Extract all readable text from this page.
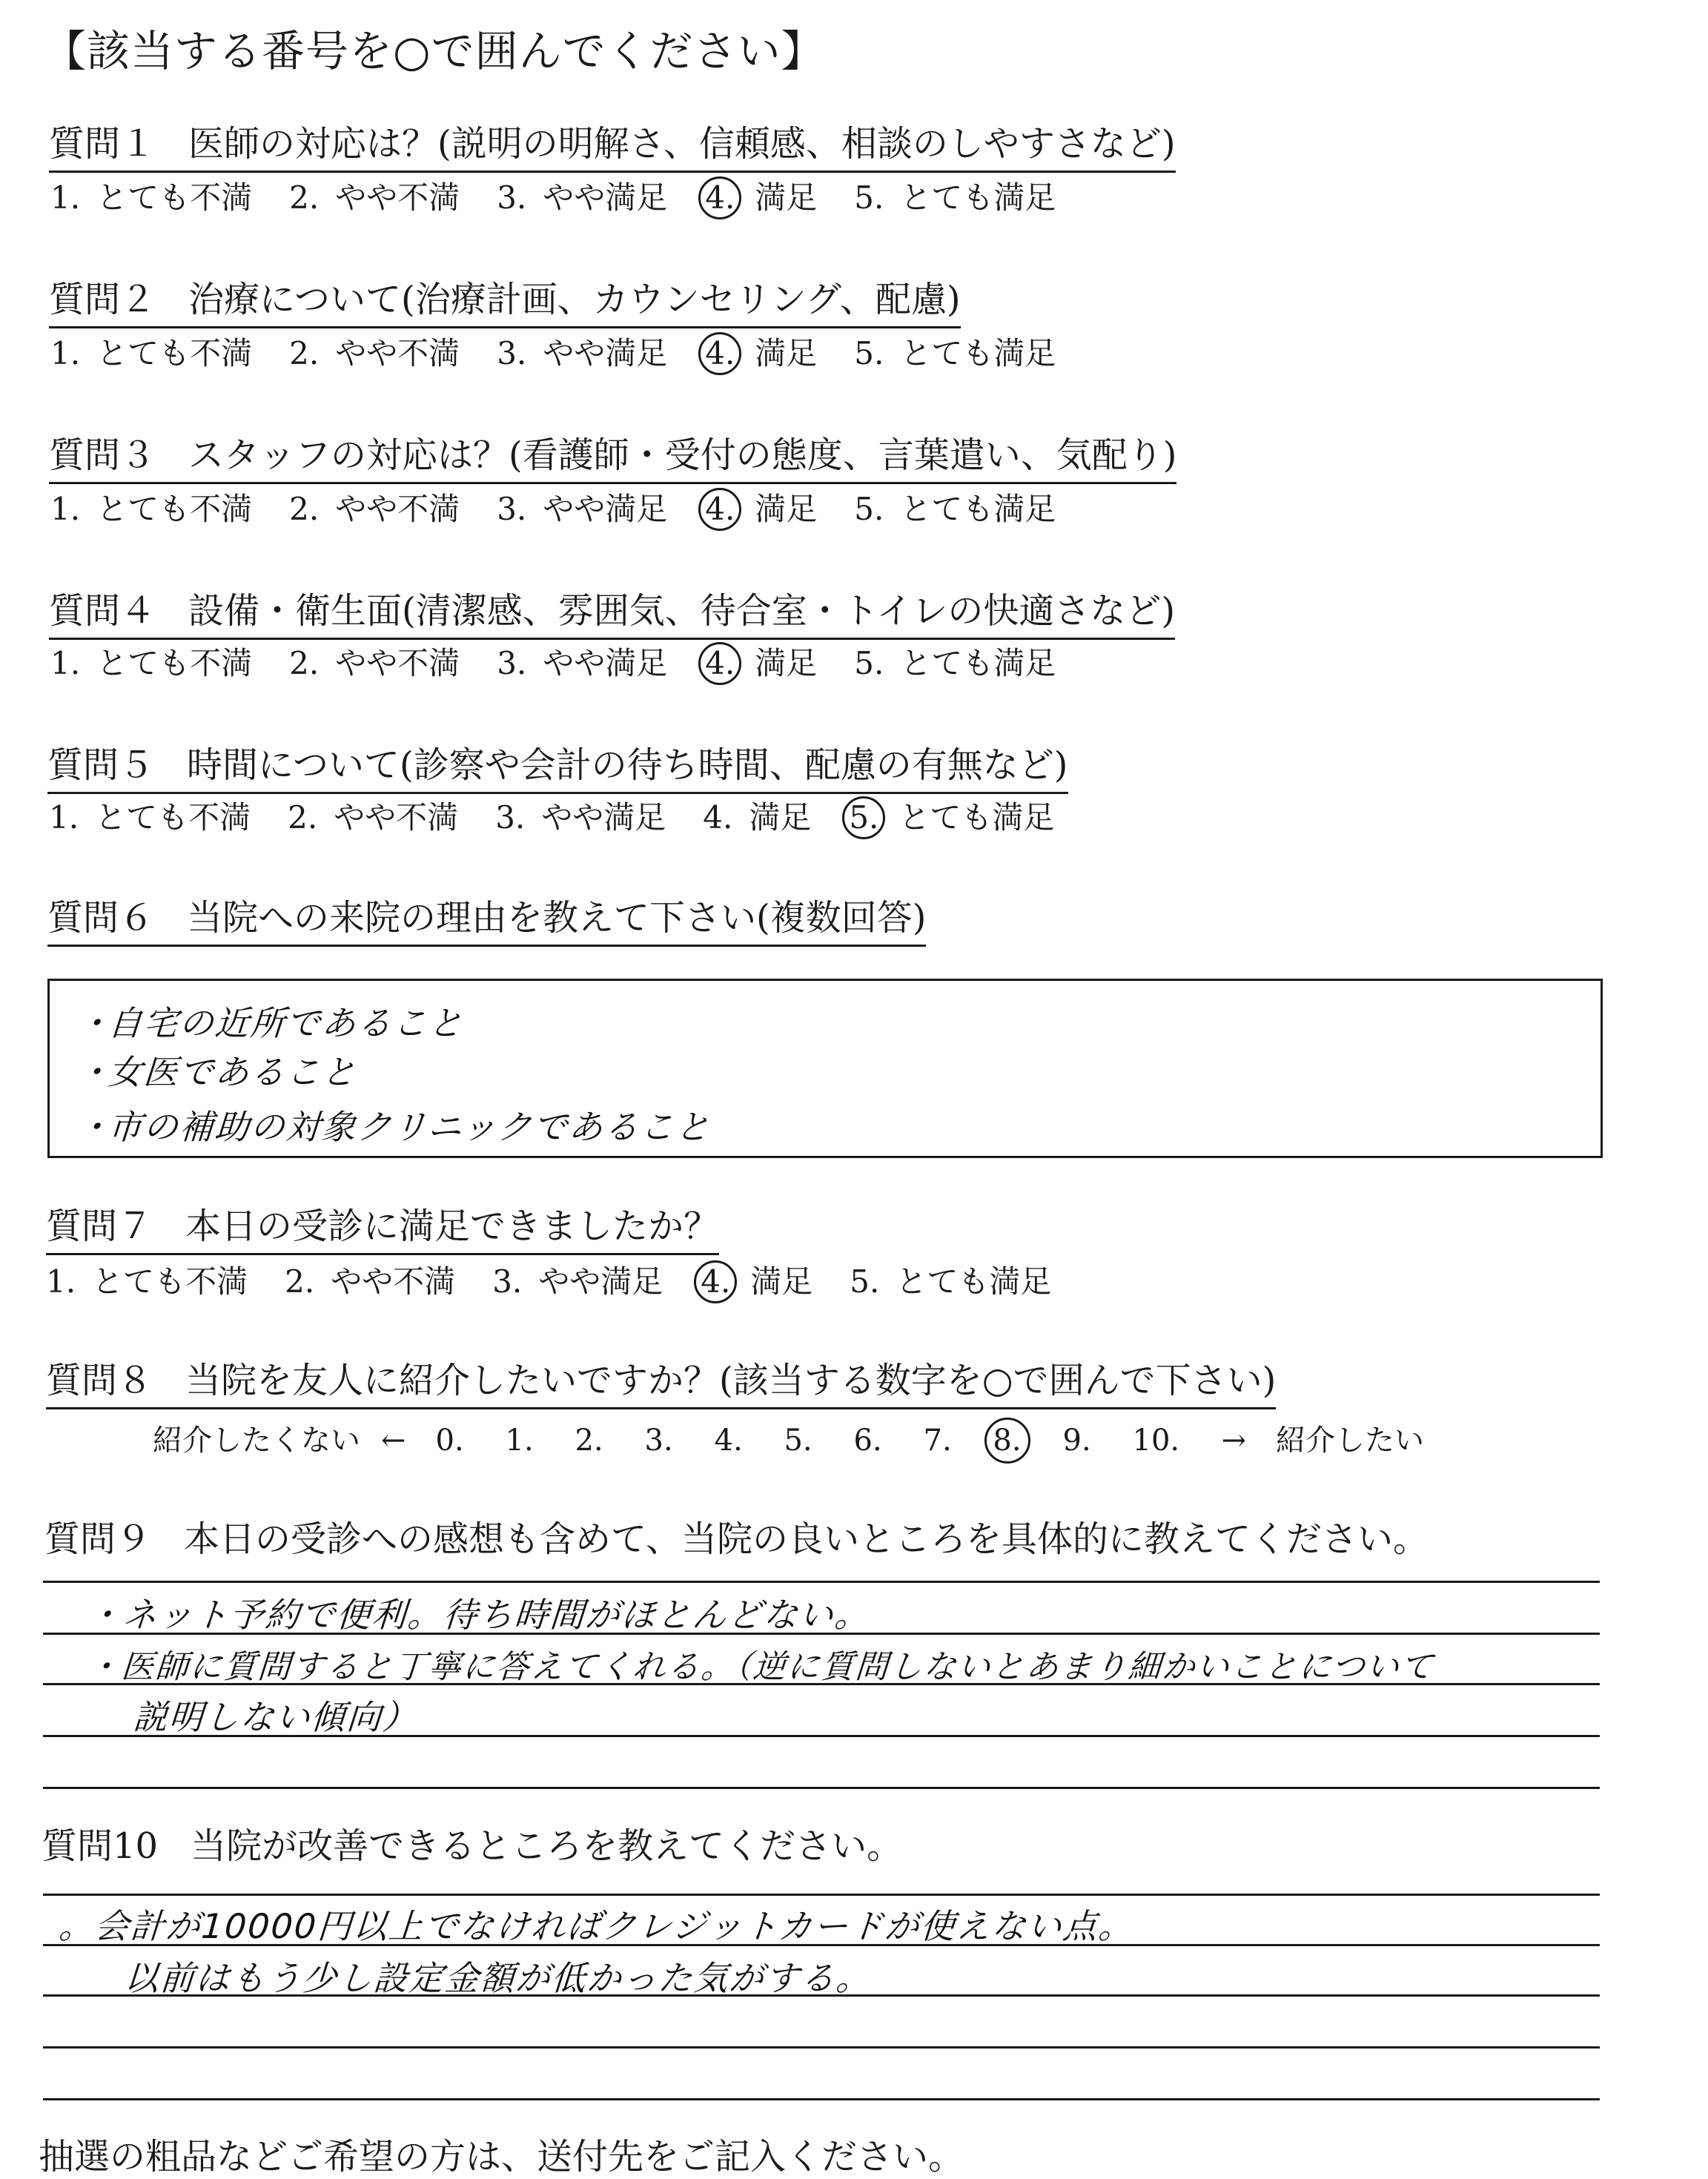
【該当する番号を○で囲んでください】
質問１ 医師の対応は？(説明の明解さ、信頼感、相談のしやすさなど)
1. とても不満 2. やや不満 3. やや満足 4. 満足 5. とても満足
質問２ 治療について(治療計画、カウンセリング、配慮)
1. とても不満 2. やや不満 3. やや満足 4. 満足 5. とても満足
質問３ スタッフの対応は？(看護師・受付の態度、言葉遣い、気配り)
1. とても不満 2. やや不満 3. やや満足 4. 満足 5. とても満足
質問４ 設備・衛生面(清潔感、雰囲気、待合室・トイレの快適さなど)
1. とても不満 2. やや不満 3. やや満足 4. 満足 5. とても満足
質問５ 時間について(診察や会計の待ち時間、配慮の有無など)
1. とても不満 2. やや不満 3. やや満足 4. 満足 5. とても満足
質問６ 当院への来院の理由を教えて下さい(複数回答)
・自宅の近所であること
・女医であること
・市の補助の対象クリニックであること
質問７ 本日の受診に満足できましたか？
1. とても不満 2. やや不満 3. やや満足 4. 満足 5. とても満足
質問８ 当院を友人に紹介したいですか？(該当する数字を○で囲んで下さい)
紹介したくない ← 0.	1.	2.	3.	4.	5.	6.	7.	8.	9.	10.	→ 紹介したい
質問９ 本日の受診への感想も含めて、当院の良いところを具体的に教えてください。
・ネット予約で便利。待ち時間がほとんどない。
・医師に質問すると丁寧に答えてくれる。（逆に質問しないとあまり細かいことについて
説明しない傾向）
質問10 当院が改善できるところを教えてください。
。会計が10000円以上でなければクレジットカードが使えない点。
以前はもう少し設定金額が低かった気がする。
抽選の粗品などご希望の方は、送付先をご記入ください。
